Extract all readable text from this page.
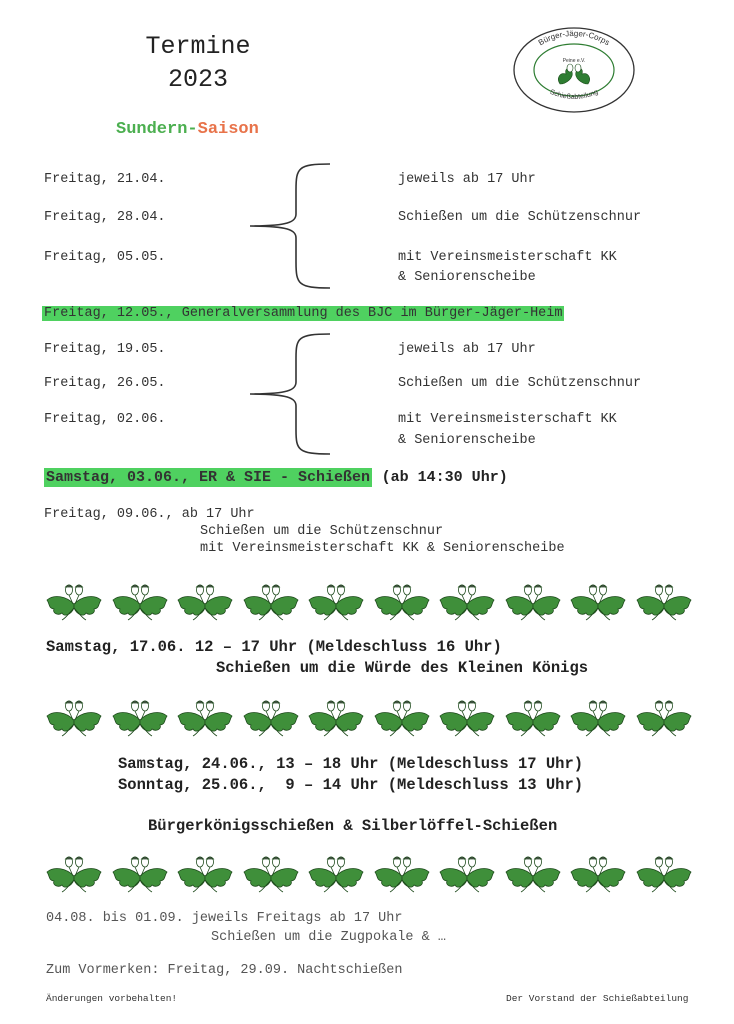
Termine 2023
Bürger-Jäger-Corps
Schießabteilung
Peine e.V.
Sundern-Saison
Freitag, 21.04.
Freitag, 28.04.
Freitag, 05.05.
jeweils ab 17 Uhr
Schießen um die Schützenschnur
mit Vereinsmeisterschaft KK
& Seniorenscheibe
Freitag, 12.05., Generalversammlung des BJC im Bürger-Jäger-Heim
Freitag, 19.05.
Freitag, 26.05.
Freitag, 02.06.
jeweils ab 17 Uhr
Schießen um die Schützenschnur
mit Vereinsmeisterschaft KK
& Seniorenscheibe
Samstag, 03.06., ER & SIE - Schießen (ab 14:30 Uhr)
Freitag, 09.06., ab 17 Uhr
Schießen um die Schützenschnur
mit Vereinsmeisterschaft KK & Seniorenscheibe
Samstag, 17.06. 12 – 17 Uhr (Meldeschluss 16 Uhr)
Schießen um die Würde des Kleinen Königs
Samstag, 24.06., 13 – 18 Uhr (Meldeschluss 17 Uhr)
Sonntag, 25.06.,  9 – 14 Uhr (Meldeschluss 13 Uhr)
Bürgerkönigsschießen & Silberlöffel-Schießen
04.08. bis 01.09. jeweils Freitags ab 17 Uhr
Schießen um die Zugpokale & …
Zum Vormerken: Freitag, 29.09. Nachtschießen
Änderungen vorbehalten!	Der Vorstand der Schießabteilung
